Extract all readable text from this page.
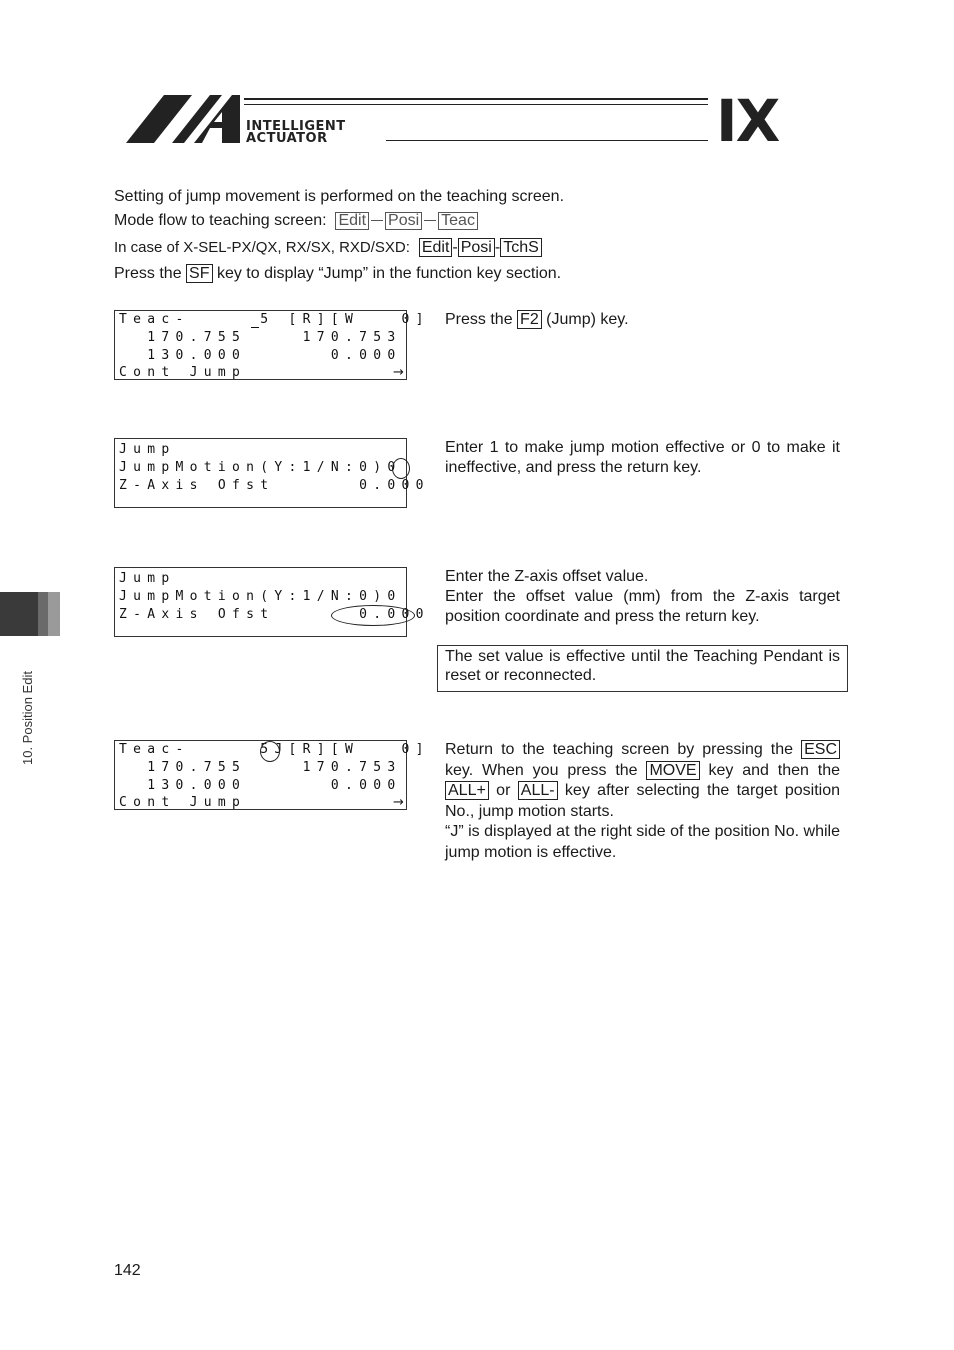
INTELLIGENT
ACTUATOR	IX
10. Position Edit
Setting of jump movement is performed on the teaching screen.
Mode flow to teaching screen: Edit Posi Teac
In case of X-SEL-PX/QX, RX/SX, RXD/SXD: Edit - Posi - TchS
Press the SF key to display “Jump” in the function key section.
Teac-     5 [R][W   0]
170.755    170.753
130.000      0.000
Cont Jump	→
Press the F2 (Jump) key.
Jump
JumpMotion(Y:1/N:0)0
Z-Axis Ofst      0.000
Enter 1 to make jump motion effective or 0 to make it ineffective, and press the return key.
Jump
JumpMotion(Y:1/N:0)0
Z-Axis Ofst      0.000

Enter the Z-axis offset value.

Enter the offset value (mm) from the Z-axis target position coordinate and press the return key.

The set value is effective until the Teaching Pendant is reset or reconnected.
Teac-     5J[R][W   0]
170.755    170.753
130.000      0.000
Cont Jump	→

Return to the teaching screen by pressing the ESC key. When you press the MOVE key and then the ALL+ or ALL- key after selecting the target position No., jump motion starts.

“J” is displayed at the right side of the position No. while jump motion is effective.

142
